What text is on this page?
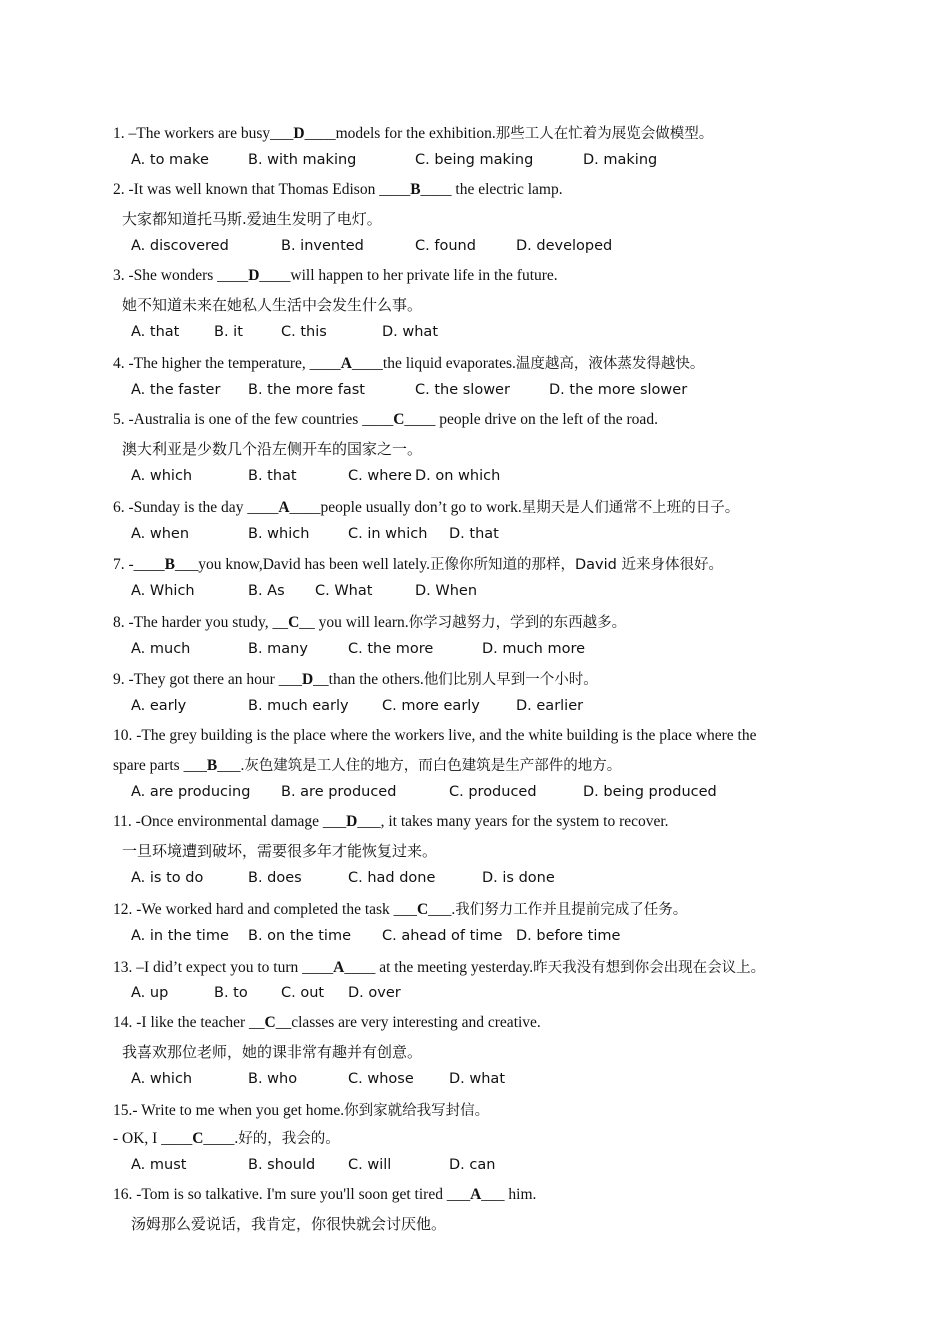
1. –The workers are busy___D____models for the exhibition.那些工人在忙着为展览会做模型。
A. to make	B. with making	C. being making	D. making
2. -It was well known that Thomas Edison ____B____ the electric lamp.
大家都知道托马斯.爱迪生发明了电灯。
A. discovered	B. invented	C. found	D. developed
3. -She wonders ____D____will happen to her private life in the future.
她不知道未来在她私人生活中会发生什么事。
A. that B. it	C. this	D. what
4. -The higher the temperature, ____A____the liquid evaporates.温度越高，液体蒸发得越快。
A. the faster B. the more fast	C. the slower	D. the more slower
5. -Australia is one of the few countries ____C____ people drive on the left of the road.
澳大利亚是少数几个沿左侧开车的国家之一。
A. which	B. that	C. where D. on which
6. -Sunday is the day ____A____people usually don’t go to work.星期天是人们通常不上班的日子。
A. when	B. which	C. in which D. that
7. -____B___you know,David has been well lately.正像你所知道的那样，David 近来身体很好。
A. Which	B. As C. What	D. When
8. -The harder you study, __C__ you will learn.你学习越努力，学到的东西越多。
A. much	B. many	C. the more	D. much more
9. -They got there an hour ___D__than the others.他们比别人早到一个小时。
A. early	B. much early C. more early D. earlier
10. -The grey building is the place where the workers live, and the white building is the place where the
spare parts ___B___.灰色建筑是工人住的地方，而白色建筑是生产部件的地方。
A. are producing B. are produced	C. produced	D. being produced
11. -Once environmental damage ___D___, it takes many years for the system to recover.
一旦环境遭到破坏，需要很多年才能恢复过来。
A. is to do	B. does	C. had done	D. is done
12. -We worked hard and completed the task ___C___.我们努力工作并且提前完成了任务。
A. in the time B. on the time C. ahead of time D. before time
13. –I did’t expect you to turn ____A____ at the meeting yesterday.昨天我没有想到你会出现在会议上。
A. up	B. to C. out D. over
14. -I like the teacher __C__classes are very interesting and creative.
我喜欢那位老师，她的课非常有趣并有创意。
A. which	B. who	C. whose D. what
15.- Write to me when you get home.你到家就给我写封信。
- OK, I ____C____.好的，我会的。
A. must	B. should C. will	D. can
16. -Tom is so talkative. I'm sure you'll soon get tired ___A___ him.
汤姆那么爱说话，我肯定，你很快就会讨厌他。
